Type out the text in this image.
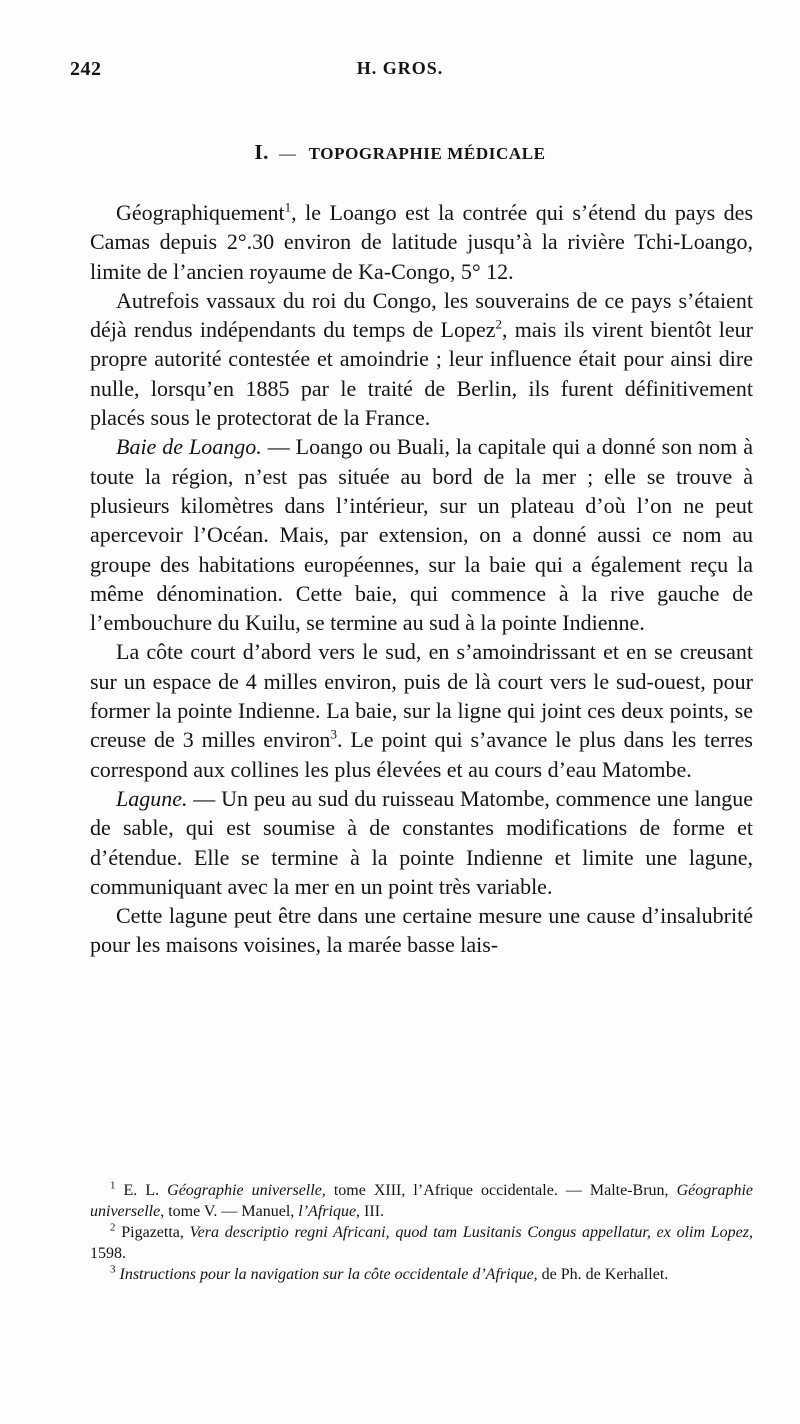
242	H. GROS.
I. — TOPOGRAPHIE MÉDICALE

Géographiquement$^1$, le Loango est la contrée qui s’étend du pays des Camas depuis 2°.30 environ de latitude jusqu’à la rivière Tchi-Loango, limite de l’ancien royaume de Ka-Congo, 5° 12.

Autrefois vassaux du roi du Congo, les souverains de ce pays s’étaient déjà rendus indépendants du temps de Lopez$^2$, mais ils virent bientôt leur propre autorité contestée et amoindrie ; leur influence était pour ainsi dire nulle, lorsqu’en 1885 par le traité de Berlin, ils furent définitivement placés sous le protectorat de la France.

Baie de Loango. — Loango ou Buali, la capitale qui a donné son nom à toute la région, n’est pas située au bord de la mer ; elle se trouve à plusieurs kilomètres dans l’intérieur, sur un plateau d’où l’on ne peut apercevoir l’Océan. Mais, par extension, on a donné aussi ce nom au groupe des habitations européennes, sur la baie qui a également reçu la même dénomination. Cette baie, qui commence à la rive gauche de l’embouchure du Kuilu, se termine au sud à la pointe Indienne.

La côte court d’abord vers le sud, en s’amoindrissant et en se creusant sur un espace de 4 milles environ, puis de là court vers le sud-ouest, pour former la pointe Indienne. La baie, sur la ligne qui joint ces deux points, se creuse de 3 milles environ$^3$. Le point qui s’avance le plus dans les terres correspond aux collines les plus élevées et au cours d’eau Matombe.

Lagune. — Un peu au sud du ruisseau Matombe, commence une langue de sable, qui est soumise à de constantes modifications de forme et d’étendue. Elle se termine à la pointe Indienne et limite une lagune, communiquant avec la mer en un point très variable.

Cette lagune peut être dans une certaine mesure une cause d’insalubrité pour les maisons voisines, la marée basse lais-

$^1$ E. L. Géographie universelle, tome XIII, l’Afrique occidentale. — Malte-Brun, Géographie universelle, tome V. — Manuel, l’Afrique, III.

$^2$ Pigazetta, Vera descriptio regni Africani, quod tam Lusitanis Congus appellatur, ex olim Lopez, 1598.

$^3$ Instructions pour la navigation sur la côte occidentale d’Afrique, de Ph. de Kerhallet.
